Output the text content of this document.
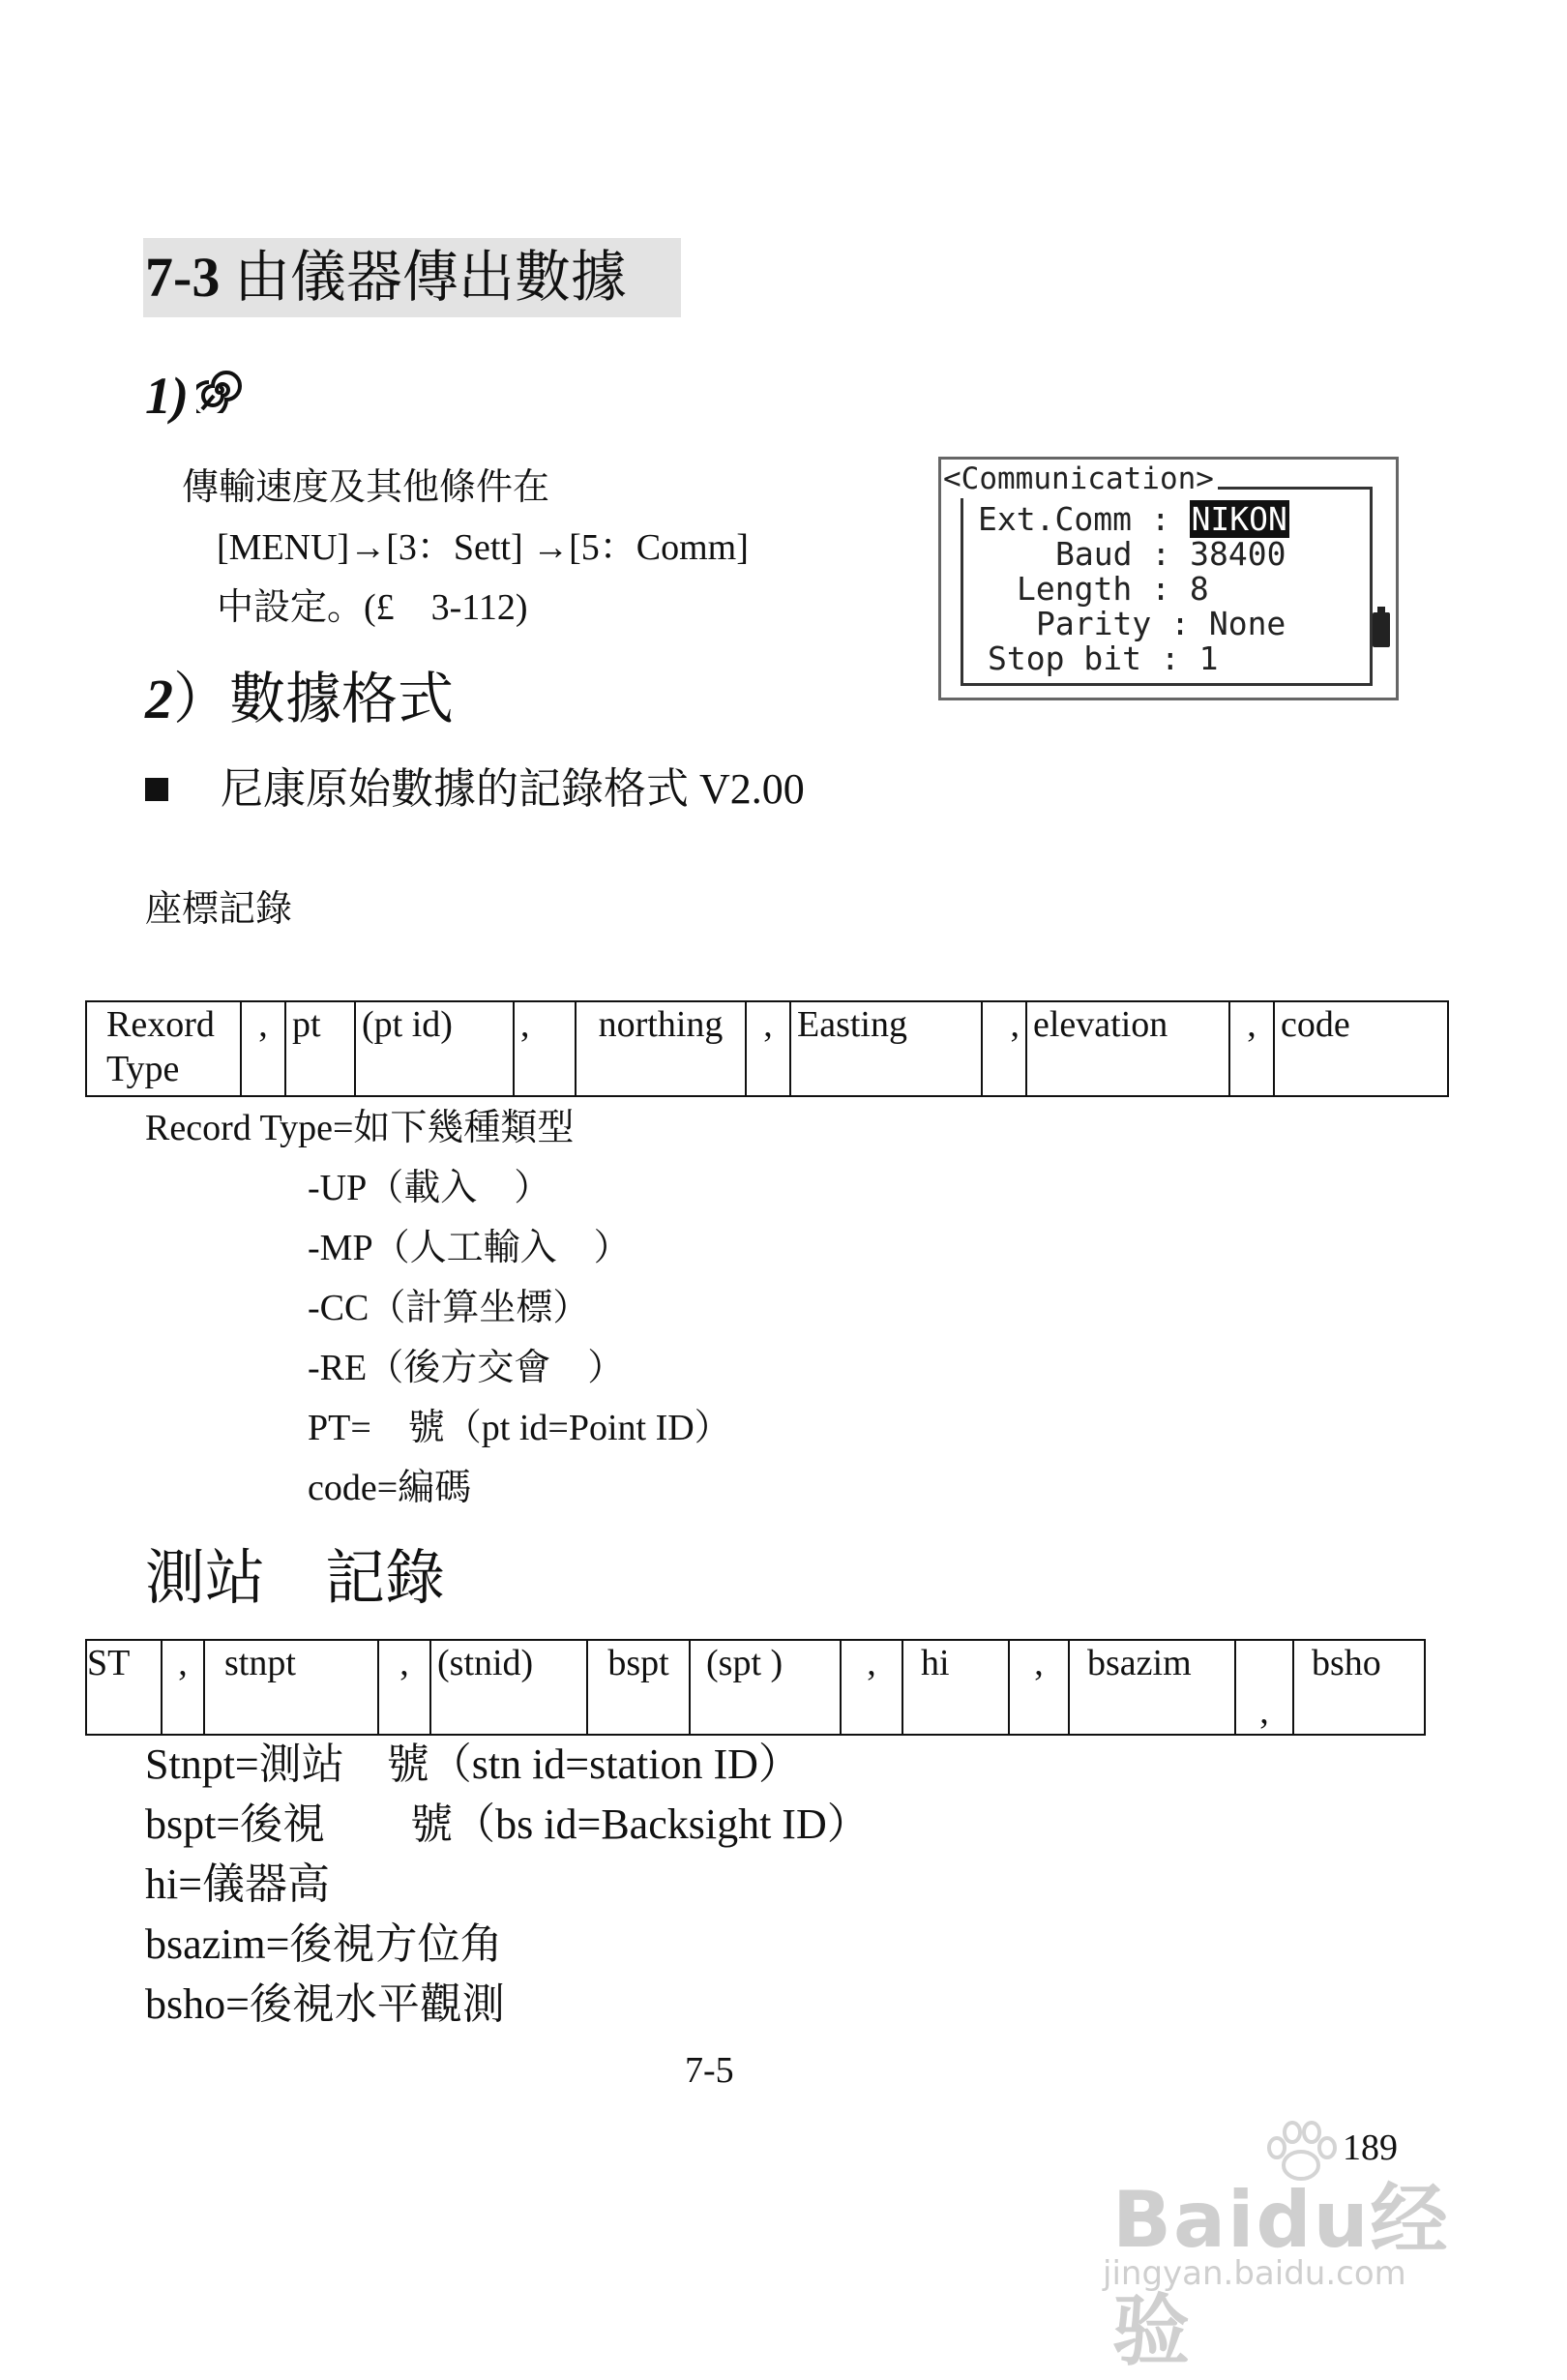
7-3 由儀器傳出數據
1)
傳輸速度及其他條件在
[MENU]→[3：Sett] →[5：Comm]
中設定。(£　3-112)
<Communication>
Ext.Comm : NIKON
Baud : 38400
Length : 8
Parity : None
Stop bit : 1
2）數據格式
尼康原始數據的記錄格式 V2.00
座標記錄
Rexord Type
	,	pt	(pt id)	,	northing	,	Easting	,	elevation	,	code
Record Type=如下幾種類型
-UP（載入　）
-MP（人工輸入　）
-CC（計算坐標）
-RE（後方交會　）
PT=　號（pt id=Point ID）
code=編碼
測站　記錄
ST	,	stnpt	,	(stnid)	bspt	(spt )	,	hi	,	bsazim	,	bsho
Stnpt=測站　號（stn id=station ID）
bspt=後視　　號（bs id=Backsight ID）
hi=儀器高
bsazim=後視方位角
bsho=後視水平觀測
7-5
189
Baidu经验
jingyan.baidu.com
